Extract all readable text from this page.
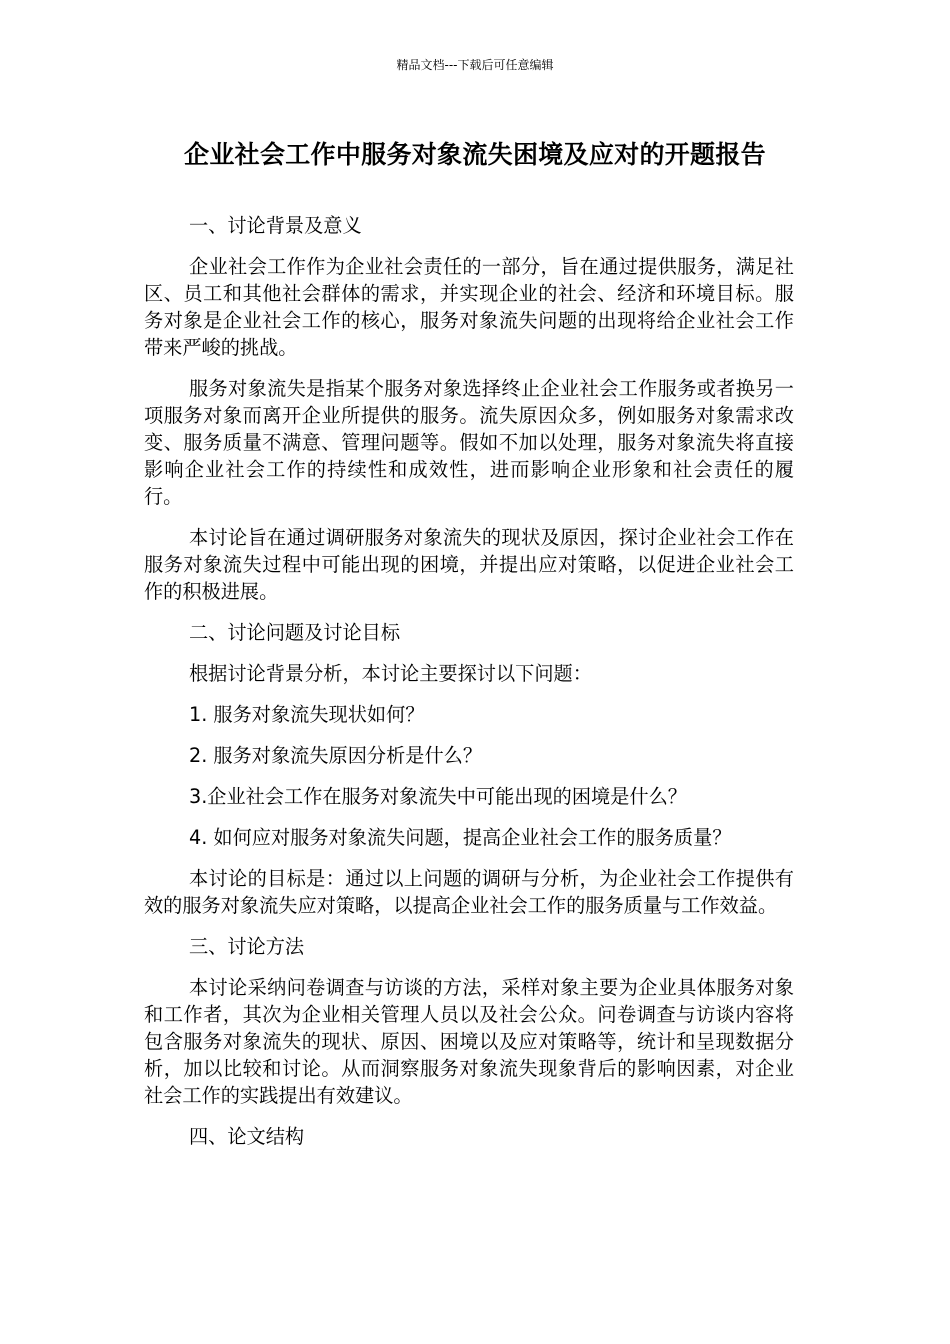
精品文档---下载后可任意编辑
企业社会工作中服务对象流失困境及应对的开题报告

一、讨论背景及意义

企业社会工作作为企业社会责任的一部分，旨在通过提供服务，满足社区、员工和其他社会群体的需求，并实现企业的社会、经济和环境目标。服务对象是企业社会工作的核心，服务对象流失问题的出现将给企业社会工作带来严峻的挑战。

服务对象流失是指某个服务对象选择终止企业社会工作服务或者换另一项服务对象而离开企业所提供的服务。流失原因众多，例如服务对象需求改变、服务质量不满意、管理问题等。假如不加以处理，服务对象流失将直接影响企业社会工作的持续性和成效性，进而影响企业形象和社会责任的履行。

本讨论旨在通过调研服务对象流失的现状及原因，探讨企业社会工作在服务对象流失过程中可能出现的困境，并提出应对策略，以促进企业社会工作的积极进展。

二、讨论问题及讨论目标

根据讨论背景分析，本讨论主要探讨以下问题：

1. 服务对象流失现状如何？

2. 服务对象流失原因分析是什么？

3.企业社会工作在服务对象流失中可能出现的困境是什么？

4. 如何应对服务对象流失问题，提高企业社会工作的服务质量？

本讨论的目标是：通过以上问题的调研与分析，为企业社会工作提供有效的服务对象流失应对策略，以提高企业社会工作的服务质量与工作效益。

三、讨论方法

本讨论采纳问卷调查与访谈的方法，采样对象主要为企业具体服务对象和工作者，其次为企业相关管理人员以及社会公众。问卷调查与访谈内容将包含服务对象流失的现状、原因、困境以及应对策略等，统计和呈现数据分析，加以比较和讨论。从而洞察服务对象流失现象背后的影响因素，对企业社会工作的实践提出有效建议。

四、论文结构
